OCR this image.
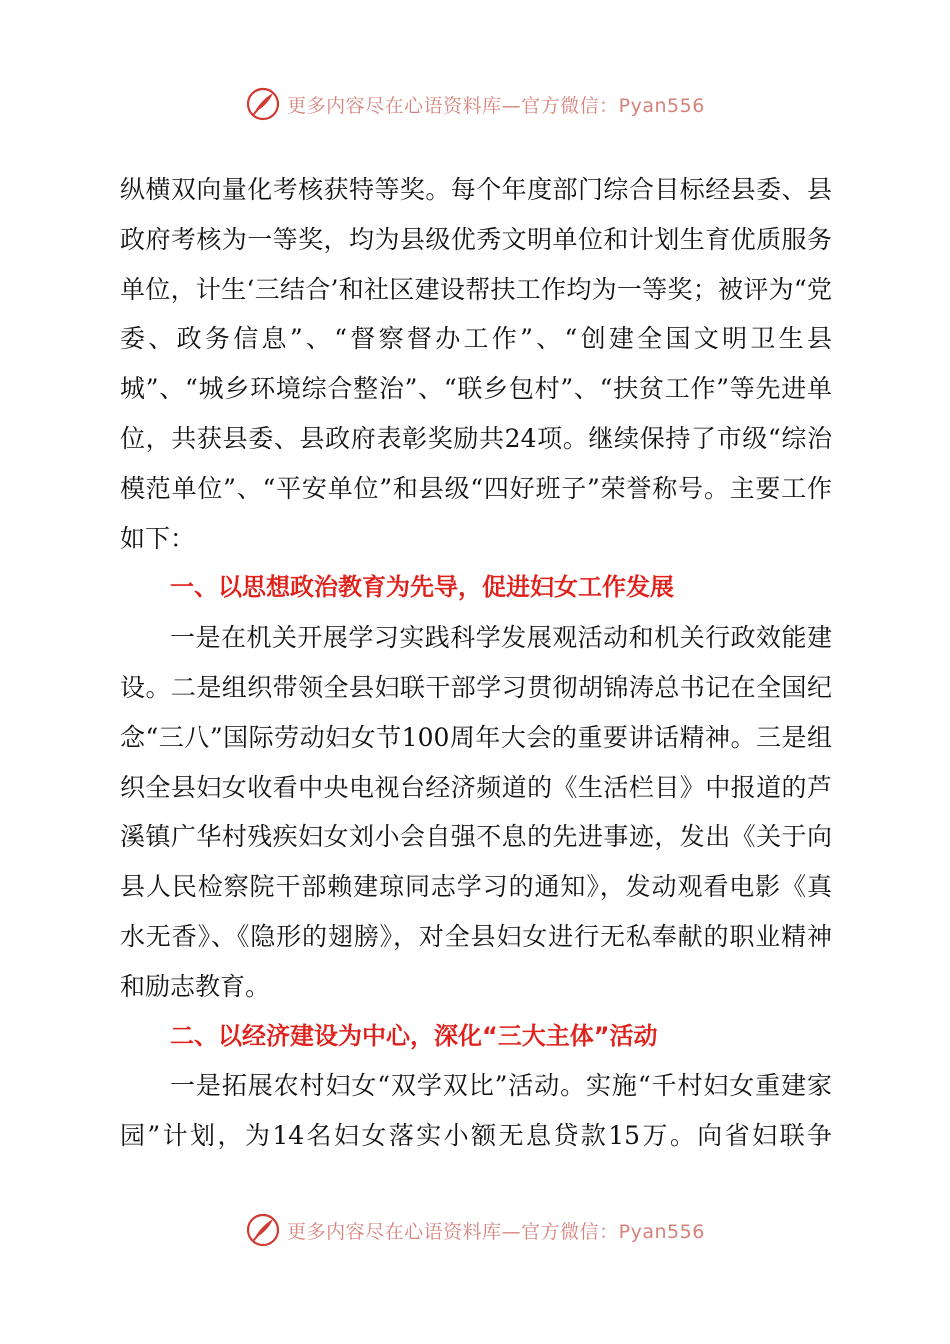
更多内容尽在心语资料库—官方微信：Pyan556

纵横双向量化考核获特等奖。每个年度部门综合目标经县委、县政府考核为一等奖，均为县级优秀文明单位和计划生育优质服务单位，计生‘三结合’和社区建设帮扶工作均为一等奖；被评为“党委、政务信息”、“督察督办工作”、“创建全国文明卫生县城”、“城乡环境综合整治”、“联乡包村”、“扶贫工作”等先进单位，共获县委、县政府表彰奖励共24项。继续保持了市级“综治模范单位”、“平安单位”和县级“四好班子”荣誉称号。主要工作如下：

一、以思想政治教育为先导，促进妇女工作发展

一是在机关开展学习实践科学发展观活动和机关行政效能建设。二是组织带领全县妇联干部学习贯彻胡锦涛总书记在全国纪念“三八”国际劳动妇女节100周年大会的重要讲话精神。三是组织全县妇女收看中央电视台经济频道的《生活栏目》中报道的芦溪镇广华村残疾妇女刘小会自强不息的先进事迹，发出《关于向县人民检察院干部赖建琼同志学习的通知》，发动观看电影《真水无香》、《隐形的翅膀》，对全县妇女进行无私奉献的职业精神和励志教育。

二、以经济建设为中心，深化“三大主体”活动

一是拓展农村妇女“双学双比”活动。实施“千村妇女重建家园”计划，为14名妇女落实小额无息贷款15万。向省妇联争

更多内容尽在心语资料库—官方微信：Pyan556
